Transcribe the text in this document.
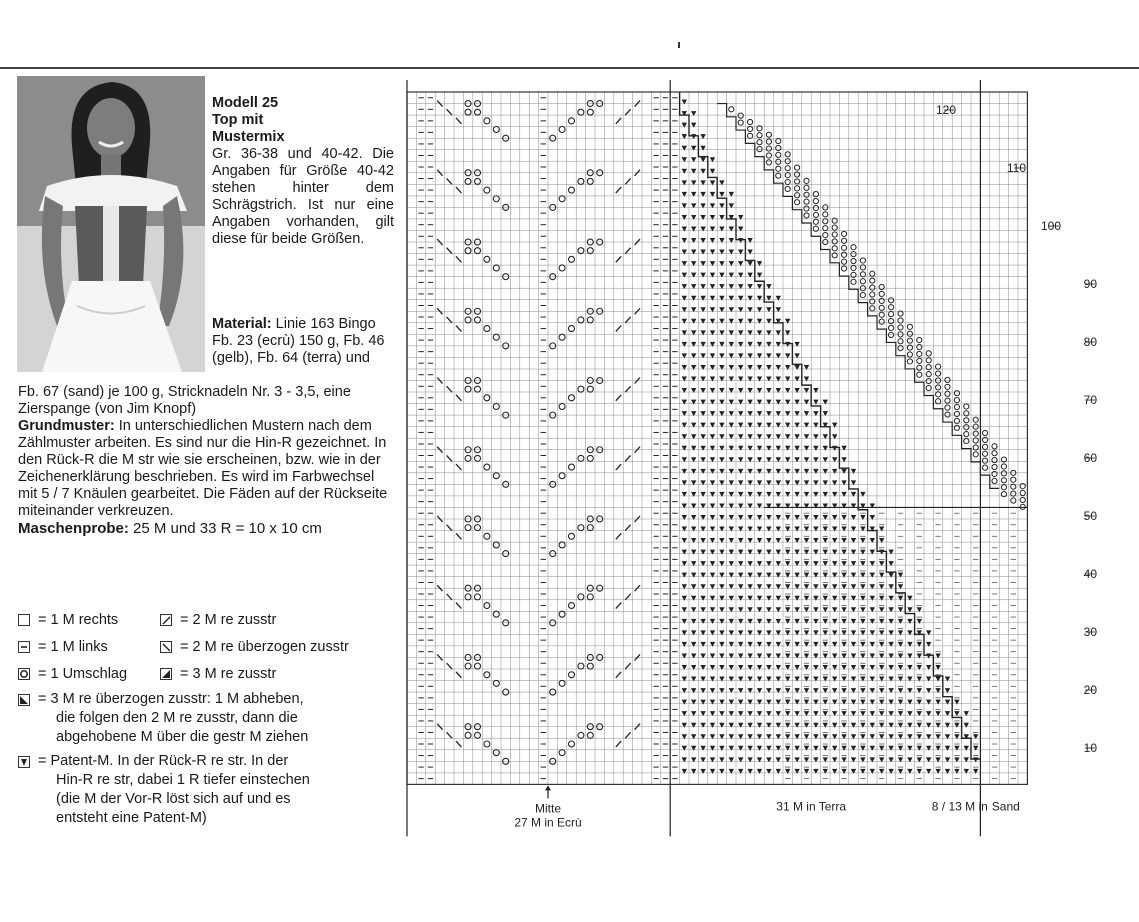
Modell 25
Top mit
Mustermix
Gr. 36-38 und 40-42. Die Angaben für Größe 40-42 stehen hinter dem Schrägstrich. Ist nur eine Angaben vorhanden, gilt diese für beide Größen.
Material: Linie 163 Bingo Fb. 23 (ecrù) 150 g, Fb. 46 (gelb), Fb. 64 (terra) und

Fb. 67 (sand) je 100 g, Stricknadeln Nr. 3 - 3,5, eine Zierspange (von Jim Knopf)

Grundmuster: In unterschiedlichen Mustern nach dem Zählmuster arbeiten. Es sind nur die Hin-R gezeichnet. In den Rück-R die M str wie sie erscheinen, bzw. wie in der Zeichenerklärung beschrieben. Es wird im Farbwechsel mit 5 / 7 Knäulen gearbeitet. Die Fäden auf der Rückseite miteinander verkreuzen.

Maschenprobe: 25 M und 33 R = 10 x 10 cm

= 1 M rechts	= 2 M re zusstr
= 1 M links	= 2 M re überzogen zusstr
= 1 Umschlag	= 3 M re zusstr
= 3 M re überzogen zusstr: 1 M abheben,
die folgen den 2 M re zusstr, dann die
abgehobene M über die gestr M ziehen
= Patent-M. In der Rück-R re str. In der
Hin-R re str, dabei 1 R tiefer einstechen
(die M der Vor-R löst sich auf und es
entsteht eine Patent-M)
10
20
30
40
50
60
70
80
90
100
110
120
Mitte
27 M in Ecrù
31 M in Terra	8 / 13 M in Sand
